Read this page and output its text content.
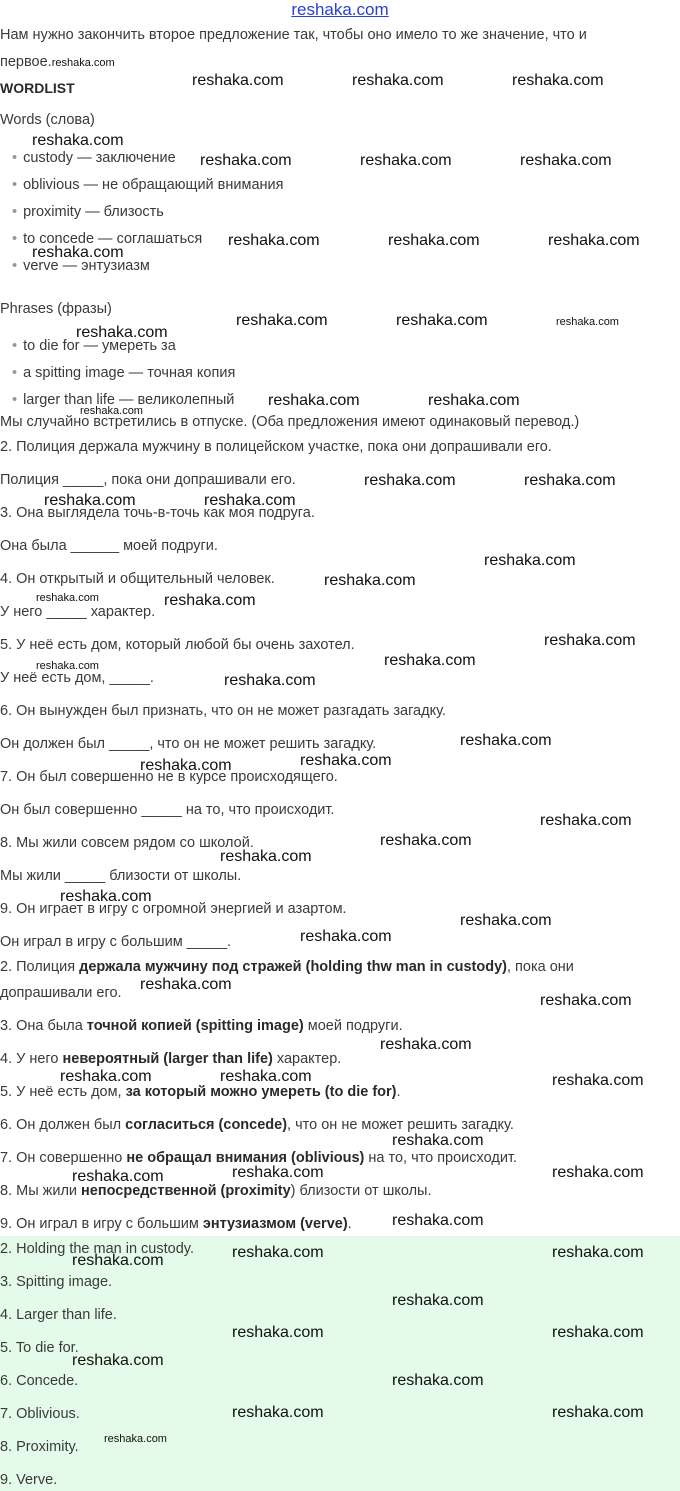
reshaka.com
Нам нужно закончить второе предложение так, чтобы оно имело то же значение, что и
первое.reshaka.com
WORDLIST
Words (слова)
• custody — заключение
• oblivious — не обращающий внимания
• proximity — близость
• to concede — соглашаться
• verve — энтузиазм
Phrases (фразы)
• to die for — умереть за
• a spitting image — точная копия
• larger than life — великолепный
Мы случайно встретились в отпуске. (Оба предложения имеют одинаковый перевод.)
2. Полиция держала мужчину в полицейском участке, пока они допрашивали его.
Полиция _____, пока они допрашивали его.
3. Она выглядела точь-в-точь как моя подруга.
Она была ______ моей подруги.
4. Он открытый и общительный человек.
У него _____ характер.
5. У неё есть дом, который любой бы очень захотел.
У неё есть дом, _____.
6. Он вынужден был признать, что он не может разгадать загадку.
Он должен был _____, что он не может решить загадку.
7. Он был совершенно не в курсе происходящего.
Он был совершенно _____ на то, что происходит.
8. Мы жили совсем рядом со школой.
Мы жили _____ близости от школы.
9. Он играет в игру с огромной энергией и азартом.
Он играл в игру с большим _____.
2. Полиция держала мужчину под стражей (holding thw man in custody), пока они
допрашивали его.
3. Она была точной копией (spitting image) моей подруги.
4. У него невероятный (larger than life) характер.
5. У неё есть дом, за который можно умереть (to die for).
6. Он должен был согласиться (concede), что он не может решить загадку.
7. Он совершенно не обращал внимания (oblivious) на то, что происходит.
8. Мы жили непосредственной (proximity) близости от школы.
9. Он играл в игру с большим энтузиазмом (verve).
2. Holding the man in custody.
3. Spitting image.
4. Larger than life.
5. To die for.
6. Concede.
7. Oblivious.
8. Proximity.
9. Verve.
reshaka.com	reshaka.com	reshaka.com
reshaka.com
reshaka.com	reshaka.com	reshaka.com
reshaka.com	reshaka.com	reshaka.com
reshaka.com
reshaka.com	reshaka.com	reshaka.com
reshaka.com
reshaka.com	reshaka.com
reshaka.com
reshaka.com	reshaka.com
reshaka.com	reshaka.com
reshaka.com
reshaka.com
reshaka.com	reshaka.com
reshaka.com
reshaka.com
reshaka.com
reshaka.com
reshaka.com
reshaka.com
reshaka.com
reshaka.com
reshaka.com
reshaka.com
reshaka.com
reshaka.com
reshaka.com
reshaka.com
reshaka.com
reshaka.com
reshaka.com	reshaka.com	reshaka.com
reshaka.com
reshaka.com	reshaka.com	reshaka.com
reshaka.com
reshaka.com	reshaka.com	reshaka.com
reshaka.com
reshaka.com	reshaka.com
reshaka.com
reshaka.com
reshaka.com	reshaka.com
reshaka.com
